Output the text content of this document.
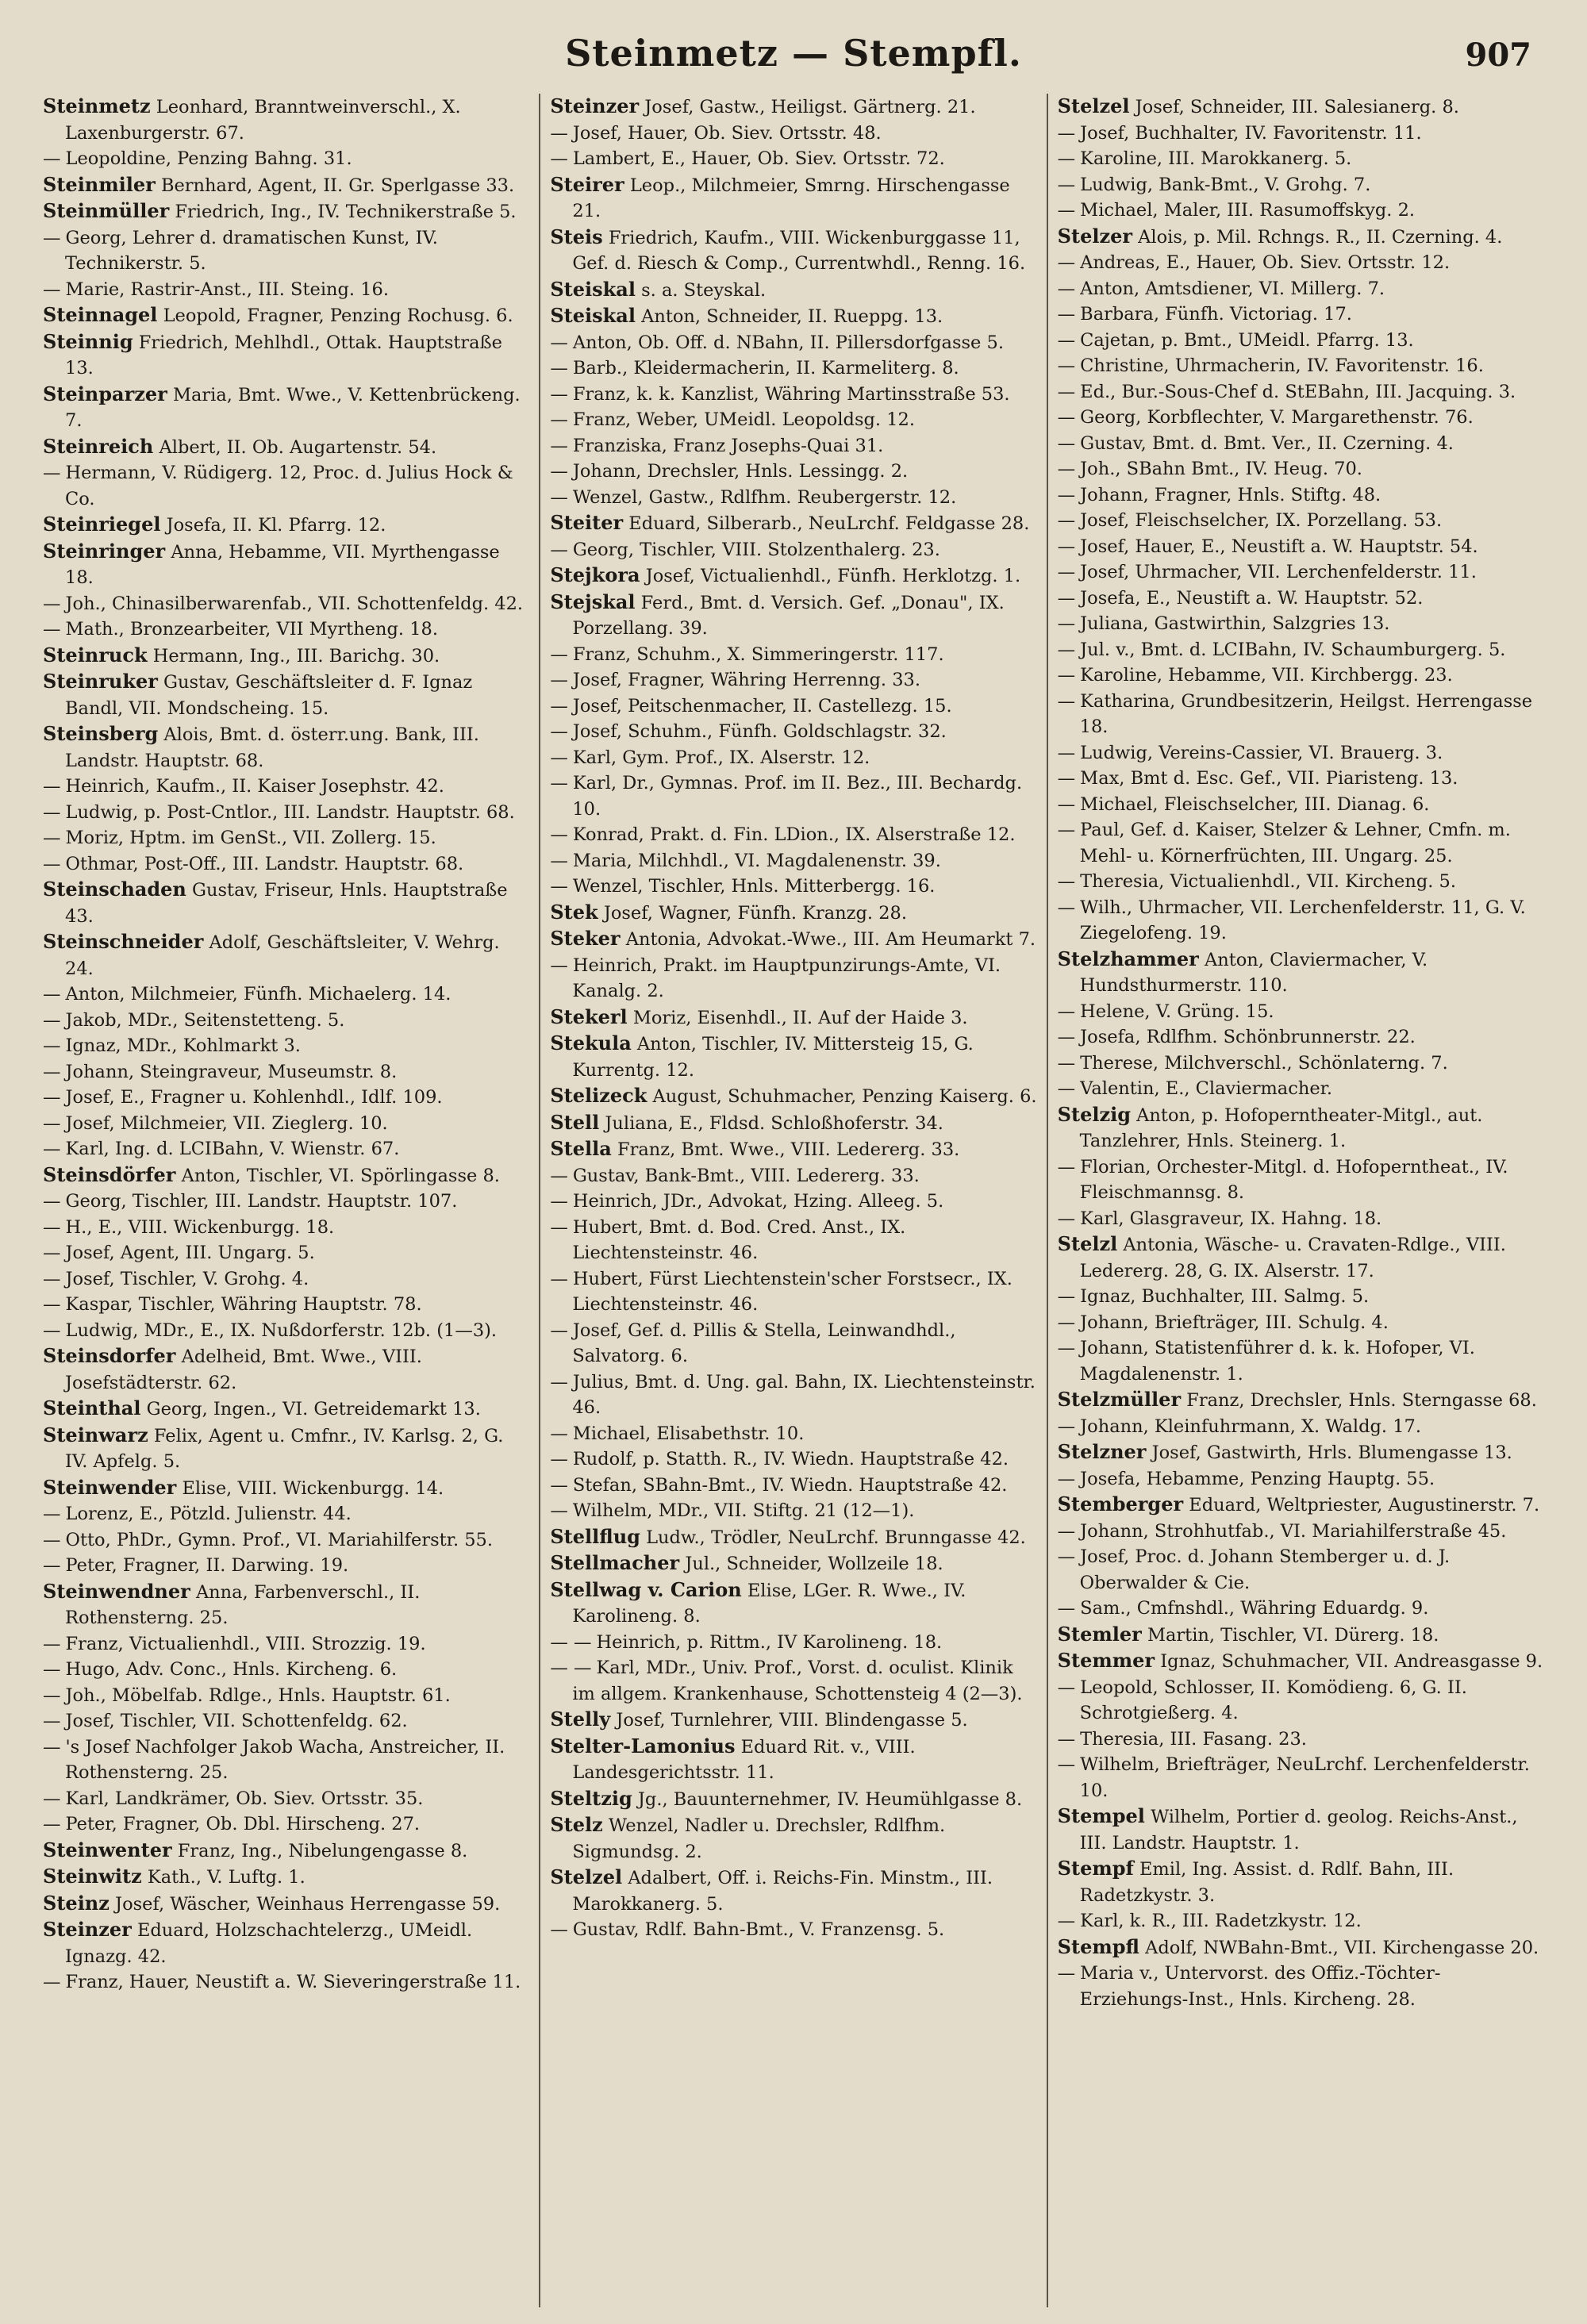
Steinmetz — Stempfl.	907

Steinmetz Leonhard, Branntweinverschl., X. Laxenburgerstr. 67.

— Leopoldine, Penzing Bahng. 31.

Steinmiler Bernhard, Agent, II. Gr. Sperlgasse 33.

Steinmüller Friedrich, Ing., IV. Technikerstraße 5.

— Georg, Lehrer d. dramatischen Kunst, IV. Technikerstr. 5.

— Marie, Rastrir-Anst., III. Steing. 16.

Steinnagel Leopold, Fragner, Penzing Rochusg. 6.

Steinnig Friedrich, Mehlhdl., Ottak. Hauptstraße 13.

Steinparzer Maria, Bmt. Wwe., V. Kettenbrückeng. 7.

Steinreich Albert, II. Ob. Augartenstr. 54.

— Hermann, V. Rüdigerg. 12, Proc. d. Julius Hock & Co.

Steinriegel Josefa, II. Kl. Pfarrg. 12.

Steinringer Anna, Hebamme, VII. Myrthengasse 18.

— Joh., Chinasilberwarenfab., VII. Schottenfeldg. 42.

— Math., Bronzearbeiter, VII Myrtheng. 18.

Steinruck Hermann, Ing., III. Barichg. 30.

Steinruker Gustav, Geschäftsleiter d. F. Ignaz Bandl, VII. Mondscheing. 15.

Steinsberg Alois, Bmt. d. österr.ung. Bank, III. Landstr. Hauptstr. 68.

— Heinrich, Kaufm., II. Kaiser Josephstr. 42.

— Ludwig, p. Post-Cntlor., III. Landstr. Hauptstr. 68.

— Moriz, Hptm. im GenSt., VII. Zollerg. 15.

— Othmar, Post-Off., III. Landstr. Hauptstr. 68.

Steinschaden Gustav, Friseur, Hnls. Hauptstraße 43.

Steinschneider Adolf, Geschäftsleiter, V. Wehrg. 24.

— Anton, Milchmeier, Fünfh. Michaelerg. 14.

— Jakob, MDr., Seitenstetteng. 5.

— Ignaz, MDr., Kohlmarkt 3.

— Johann, Steingraveur, Museumstr. 8.

— Josef, E., Fragner u. Kohlenhdl., Idlf. 109.

— Josef, Milchmeier, VII. Zieglerg. 10.

— Karl, Ing. d. LCIBahn, V. Wienstr. 67.

Steinsdörfer Anton, Tischler, VI. Spörlingasse 8.

— Georg, Tischler, III. Landstr. Hauptstr. 107.

— H., E., VIII. Wickenburgg. 18.

— Josef, Agent, III. Ungarg. 5.

— Josef, Tischler, V. Grohg. 4.

— Kaspar, Tischler, Währing Hauptstr. 78.

— Ludwig, MDr., E., IX. Nußdorferstr. 12b. (1—3).

Steinsdorfer Adelheid, Bmt. Wwe., VIII. Josefstädterstr. 62.

Steinthal Georg, Ingen., VI. Getreidemarkt 13.

Steinwarz Felix, Agent u. Cmfnr., IV. Karlsg. 2, G. IV. Apfelg. 5.

Steinwender Elise, VIII. Wickenburgg. 14.

— Lorenz, E., Pötzld. Julienstr. 44.

— Otto, PhDr., Gymn. Prof., VI. Mariahilferstr. 55.

— Peter, Fragner, II. Darwing. 19.

Steinwendner Anna, Farbenverschl., II. Rothensterng. 25.

— Franz, Victualienhdl., VIII. Strozzig. 19.

— Hugo, Adv. Conc., Hnls. Kircheng. 6.

— Joh., Möbelfab. Rdlge., Hnls. Hauptstr. 61.

— Josef, Tischler, VII. Schottenfeldg. 62.

— 's Josef Nachfolger Jakob Wacha, Anstreicher, II. Rothensterng. 25.

— Karl, Landkrämer, Ob. Siev. Ortsstr. 35.

— Peter, Fragner, Ob. Dbl. Hirscheng. 27.

Steinwenter Franz, Ing., Nibelungengasse 8.

Steinwitz Kath., V. Luftg. 1.

Steinz Josef, Wäscher, Weinhaus Herrengasse 59.

Steinzer Eduard, Holzschachtelerzg., UMeidl. Ignazg. 42.

— Franz, Hauer, Neustift a. W. Sieveringerstraße 11.

Steinzer Josef, Gastw., Heiligst. Gärtnerg. 21.

— Josef, Hauer, Ob. Siev. Ortsstr. 48.

— Lambert, E., Hauer, Ob. Siev. Ortsstr. 72.

Steirer Leop., Milchmeier, Smrng. Hirschengasse 21.

Steis Friedrich, Kaufm., VIII. Wickenburggasse 11, Gef. d. Riesch & Comp., Currentwhdl., Renng. 16.

Steiskal s. a. Steyskal.

Steiskal Anton, Schneider, II. Rueppg. 13.

— Anton, Ob. Off. d. NBahn, II. Pillersdorfgasse 5.

— Barb., Kleidermacherin, II. Karmeliterg. 8.

— Franz, k. k. Kanzlist, Währing Martinsstraße 53.

— Franz, Weber, UMeidl. Leopoldsg. 12.

— Franziska, Franz Josephs-Quai 31.

— Johann, Drechsler, Hnls. Lessingg. 2.

— Wenzel, Gastw., Rdlfhm. Reubergerstr. 12.

Steiter Eduard, Silberarb., NeuLrchf. Feldgasse 28.

— Georg, Tischler, VIII. Stolzenthalerg. 23.

Stejkora Josef, Victualienhdl., Fünfh. Herklotzg. 1.

Stejskal Ferd., Bmt. d. Versich. Gef. „Donau", IX. Porzellang. 39.

— Franz, Schuhm., X. Simmeringerstr. 117.

— Josef, Fragner, Währing Herrenng. 33.

— Josef, Peitschenmacher, II. Castellezg. 15.

— Josef, Schuhm., Fünfh. Goldschlagstr. 32.

— Karl, Gym. Prof., IX. Alserstr. 12.

— Karl, Dr., Gymnas. Prof. im II. Bez., III. Bechardg. 10.

— Konrad, Prakt. d. Fin. LDion., IX. Alserstraße 12.

— Maria, Milchhdl., VI. Magdalenenstr. 39.

— Wenzel, Tischler, Hnls. Mitterbergg. 16.

Stek Josef, Wagner, Fünfh. Kranzg. 28.

Steker Antonia, Advokat.-Wwe., III. Am Heumarkt 7.

— Heinrich, Prakt. im Hauptpunzirungs-Amte, VI. Kanalg. 2.

Stekerl Moriz, Eisenhdl., II. Auf der Haide 3.

Stekula Anton, Tischler, IV. Mittersteig 15, G. Kurrentg. 12.

Stelizeck August, Schuhmacher, Penzing Kaiserg. 6.

Stell Juliana, E., Fldsd. Schloßhoferstr. 34.

Stella Franz, Bmt. Wwe., VIII. Ledererg. 33.

— Gustav, Bank-Bmt., VIII. Ledererg. 33.

— Heinrich, JDr., Advokat, Hzing. Alleeg. 5.

— Hubert, Bmt. d. Bod. Cred. Anst., IX. Liechtensteinstr. 46.

— Hubert, Fürst Liechtenstein'scher Forstsecr., IX. Liechtensteinstr. 46.

— Josef, Gef. d. Pillis & Stella, Leinwandhdl., Salvatorg. 6.

— Julius, Bmt. d. Ung. gal. Bahn, IX. Liechtensteinstr. 46.

— Michael, Elisabethstr. 10.

— Rudolf, p. Statth. R., IV. Wiedn. Hauptstraße 42.

— Stefan, SBahn-Bmt., IV. Wiedn. Hauptstraße 42.

— Wilhelm, MDr., VII. Stiftg. 21 (12—1).

Stellflug Ludw., Trödler, NeuLrchf. Brunngasse 42.

Stellmacher Jul., Schneider, Wollzeile 18.

Stellwag v. Carion Elise, LGer. R. Wwe., IV. Karolineng. 8.

— — Heinrich, p. Rittm., IV Karolineng. 18.

— — Karl, MDr., Univ. Prof., Vorst. d. oculist. Klinik im allgem. Krankenhause, Schottensteig 4 (2—3).

Stelly Josef, Turnlehrer, VIII. Blindengasse 5.

Stelter-Lamonius Eduard Rit. v., VIII. Landesgerichtsstr. 11.

Steltzig Jg., Bauunternehmer, IV. Heumühlgasse 8.

Stelz Wenzel, Nadler u. Drechsler, Rdlfhm. Sigmundsg. 2.

Stelzel Adalbert, Off. i. Reichs-Fin. Minstm., III. Marokkanerg. 5.

— Gustav, Rdlf. Bahn-Bmt., V. Franzensg. 5.

Stelzel Josef, Schneider, III. Salesianerg. 8.

— Josef, Buchhalter, IV. Favoritenstr. 11.

— Karoline, III. Marokkanerg. 5.

— Ludwig, Bank-Bmt., V. Grohg. 7.

— Michael, Maler, III. Rasumoffskyg. 2.

Stelzer Alois, p. Mil. Rchngs. R., II. Czerning. 4.

— Andreas, E., Hauer, Ob. Siev. Ortsstr. 12.

— Anton, Amtsdiener, VI. Millerg. 7.

— Barbara, Fünfh. Victoriag. 17.

— Cajetan, p. Bmt., UMeidl. Pfarrg. 13.

— Christine, Uhrmacherin, IV. Favoritenstr. 16.

— Ed., Bur.-Sous-Chef d. StEBahn, III. Jacquing. 3.

— Georg, Korbflechter, V. Margarethenstr. 76.

— Gustav, Bmt. d. Bmt. Ver., II. Czerning. 4.

— Joh., SBahn Bmt., IV. Heug. 70.

— Johann, Fragner, Hnls. Stiftg. 48.

— Josef, Fleischselcher, IX. Porzellang. 53.

— Josef, Hauer, E., Neustift a. W. Hauptstr. 54.

— Josef, Uhrmacher, VII. Lerchenfelderstr. 11.

— Josefa, E., Neustift a. W. Hauptstr. 52.

— Juliana, Gastwirthin, Salzgries 13.

— Jul. v., Bmt. d. LCIBahn, IV. Schaumburgerg. 5.

— Karoline, Hebamme, VII. Kirchbergg. 23.

— Katharina, Grundbesitzerin, Heilgst. Herrengasse 18.

— Ludwig, Vereins-Cassier, VI. Brauerg. 3.

— Max, Bmt d. Esc. Gef., VII. Piaristeng. 13.

— Michael, Fleischselcher, III. Dianag. 6.

— Paul, Gef. d. Kaiser, Stelzer & Lehner, Cmfn. m. Mehl- u. Körnerfrüchten, III. Ungarg. 25.

— Theresia, Victualienhdl., VII. Kircheng. 5.

— Wilh., Uhrmacher, VII. Lerchenfelderstr. 11, G. V. Ziegelofeng. 19.

Stelzhammer Anton, Claviermacher, V. Hundsthurmerstr. 110.

— Helene, V. Grüng. 15.

— Josefa, Rdlfhm. Schönbrunnerstr. 22.

— Therese, Milchverschl., Schönlaterng. 7.

— Valentin, E., Claviermacher.

Stelzig Anton, p. Hofoperntheater-Mitgl., aut. Tanzlehrer, Hnls. Steinerg. 1.

— Florian, Orchester-Mitgl. d. Hofoperntheat., IV. Fleischmannsg. 8.

— Karl, Glasgraveur, IX. Hahng. 18.

Stelzl Antonia, Wäsche- u. Cravaten-Rdlge., VIII. Ledererg. 28, G. IX. Alserstr. 17.

— Ignaz, Buchhalter, III. Salmg. 5.

— Johann, Briefträger, III. Schulg. 4.

— Johann, Statistenführer d. k. k. Hofoper, VI. Magdalenenstr. 1.

Stelzmüller Franz, Drechsler, Hnls. Sterngasse 68.

— Johann, Kleinfuhrmann, X. Waldg. 17.

Stelzner Josef, Gastwirth, Hrls. Blumengasse 13.

— Josefa, Hebamme, Penzing Hauptg. 55.

Stemberger Eduard, Weltpriester, Augustinerstr. 7.

— Johann, Strohhutfab., VI. Mariahilferstraße 45.

— Josef, Proc. d. Johann Stemberger u. d. J. Oberwalder & Cie.

— Sam., Cmfnshdl., Währing Eduardg. 9.

Stemler Martin, Tischler, VI. Dürerg. 18.

Stemmer Ignaz, Schuhmacher, VII. Andreasgasse 9.

— Leopold, Schlosser, II. Komödieng. 6, G. II. Schrotgießerg. 4.

— Theresia, III. Fasang. 23.

— Wilhelm, Briefträger, NeuLrchf. Lerchenfelderstr. 10.

Stempel Wilhelm, Portier d. geolog. Reichs-Anst., III. Landstr. Hauptstr. 1.

Stempf Emil, Ing. Assist. d. Rdlf. Bahn, III. Radetzkystr. 3.

— Karl, k. R., III. Radetzkystr. 12.

Stempfl Adolf, NWBahn-Bmt., VII. Kirchengasse 20.

— Maria v., Untervorst. des Offiz.-Töchter-Erziehungs-Inst., Hnls. Kircheng. 28.
